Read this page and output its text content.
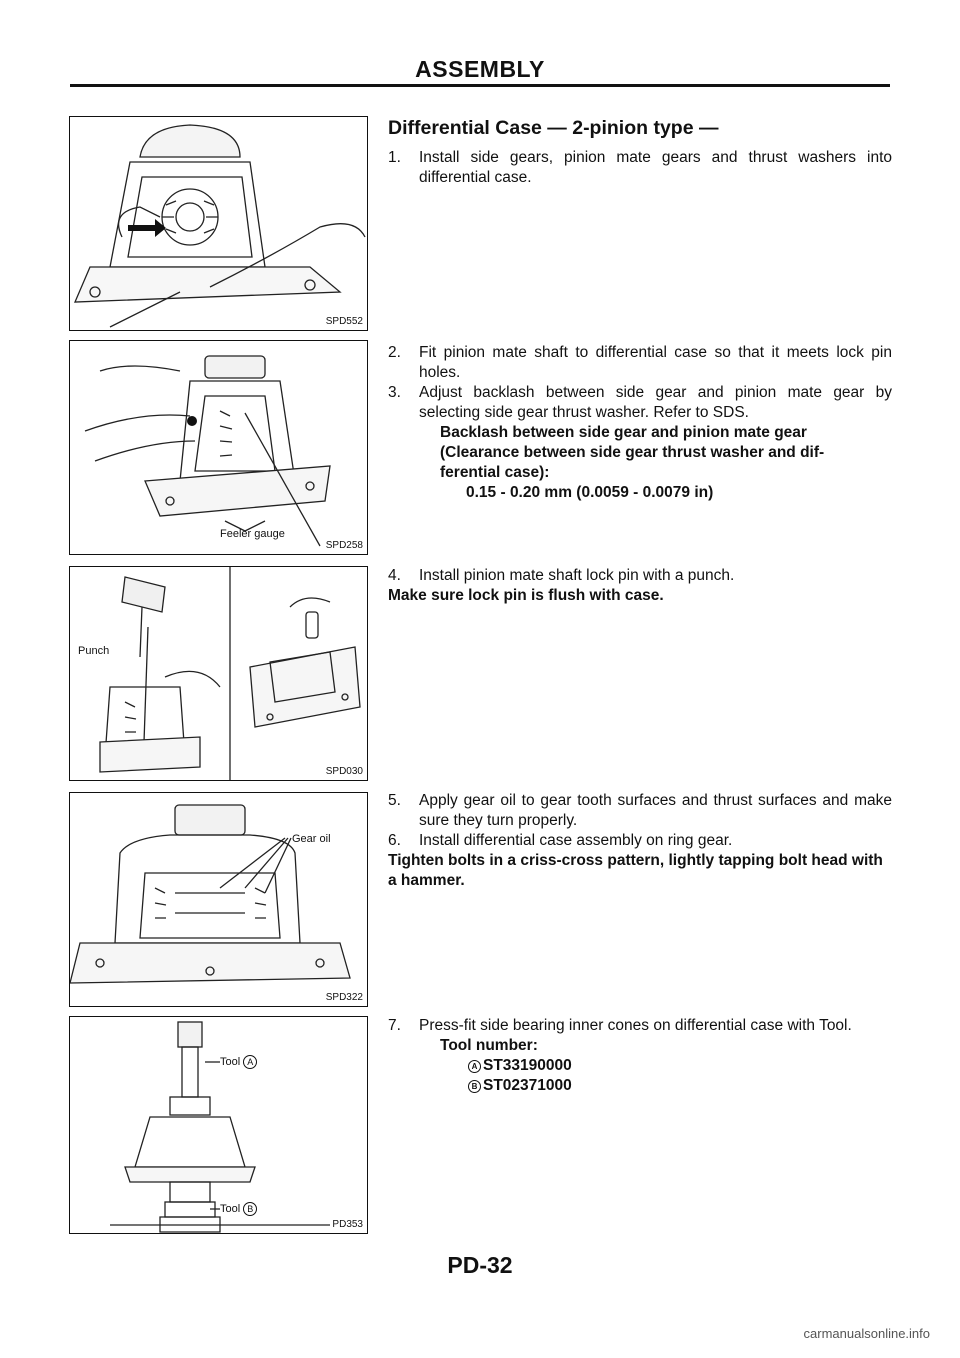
ASSEMBLY
SPD552
Feeler gauge
SPD258
Punch
SPD030
Gear oil
SPD322
Tool A
Tool B
PD353
Differential Case — 2-pinion type —
1. Install side gears, pinion mate gears and thrust washers into differential case.
2. Fit pinion mate shaft to differential case so that it meets lock pin holes.
3. Adjust backlash between side gear and pinion mate gear by selecting side gear thrust washer. Refer to SDS.
Backlash between side gear and pinion mate gear
(Clearance between side gear thrust washer and dif-
ferential case):
0.15 - 0.20 mm (0.0059 - 0.0079 in)
4. Install pinion mate shaft lock pin with a punch.
Make sure lock pin is flush with case.
5. Apply gear oil to gear tooth surfaces and thrust surfaces and make sure they turn properly.
6. Install differential case assembly on ring gear.
Tighten bolts in a criss-cross pattern, lightly tapping bolt head with a hammer.
7. Press-fit side bearing inner cones on differential case with Tool.
Tool number:
A ST33190000
B ST02371000
PD-32
carmanualsonline.info
